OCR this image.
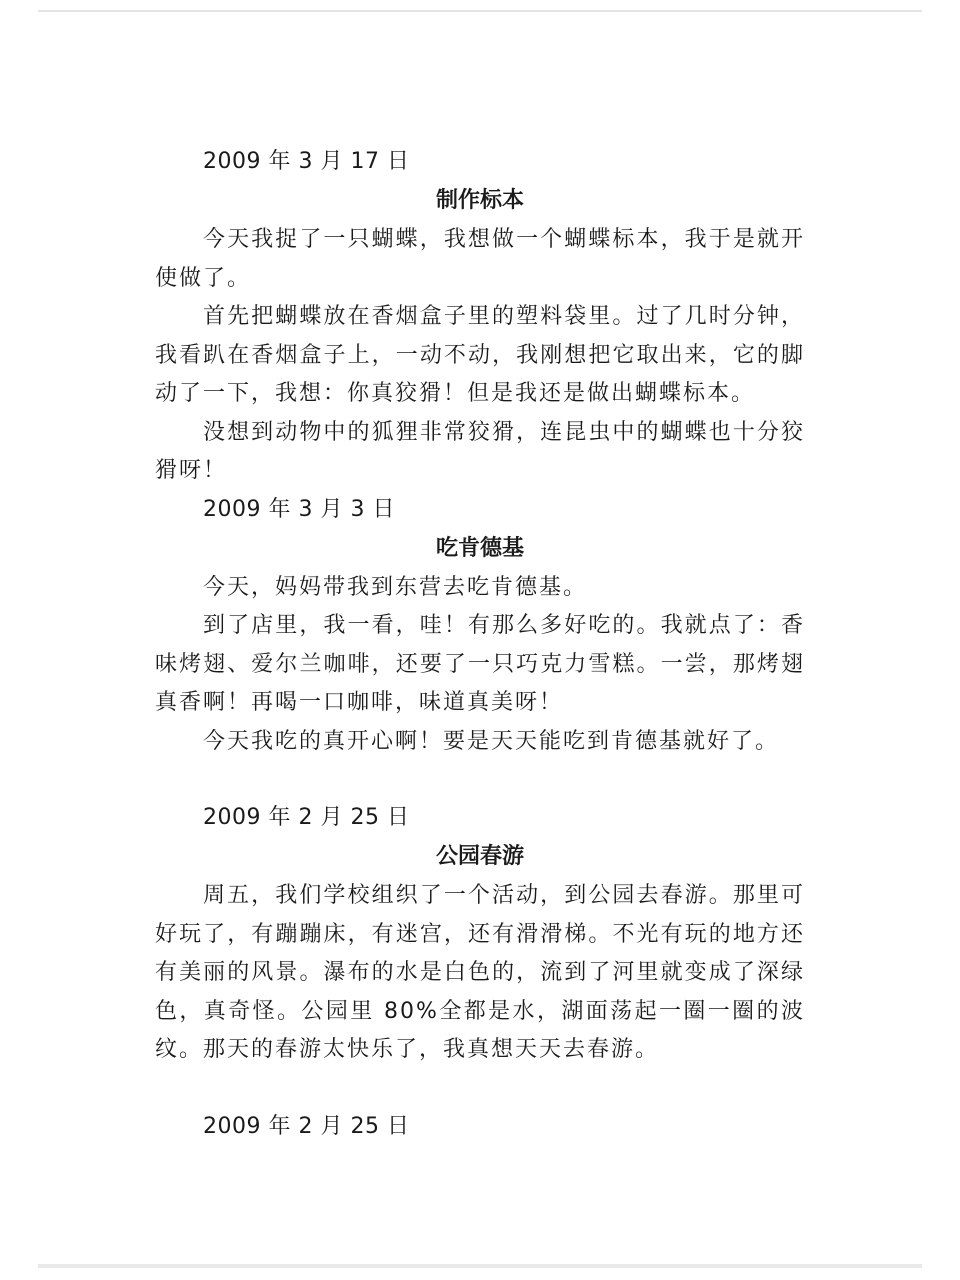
2009 年 3 月 17 日
制作标本

今天我捉了一只蝴蝶，我想做一个蝴蝶标本，我于是就开使做了。

首先把蝴蝶放在香烟盒子里的塑料袋里。过了几时分钟，我看趴在香烟盒子上，一动不动，我刚想把它取出来，它的脚动了一下，我想：你真狡猾！但是我还是做出蝴蝶标本。

没想到动物中的狐狸非常狡猾，连昆虫中的蝴蝶也十分狡猾呀！

2009 年 3 月 3 日
吃肯德基

今天，妈妈带我到东营去吃肯德基。

到了店里，我一看，哇！有那么多好吃的。我就点了：香味烤翅、爱尔兰咖啡，还要了一只巧克力雪糕。一尝，那烤翅真香啊！再喝一口咖啡，味道真美呀！

今天我吃的真开心啊！要是天天能吃到肯德基就好了。

2009 年 2 月 25 日
公园春游

周五，我们学校组织了一个活动，到公园去春游。那里可好玩了，有蹦蹦床，有迷宫，还有滑滑梯。不光有玩的地方还有美丽的风景。瀑布的水是白色的，流到了河里就变成了深绿色，真奇怪。公园里 80%全都是水，湖面荡起一圈一圈的波纹。那天的春游太快乐了，我真想天天去春游。

2009 年 2 月 25 日
